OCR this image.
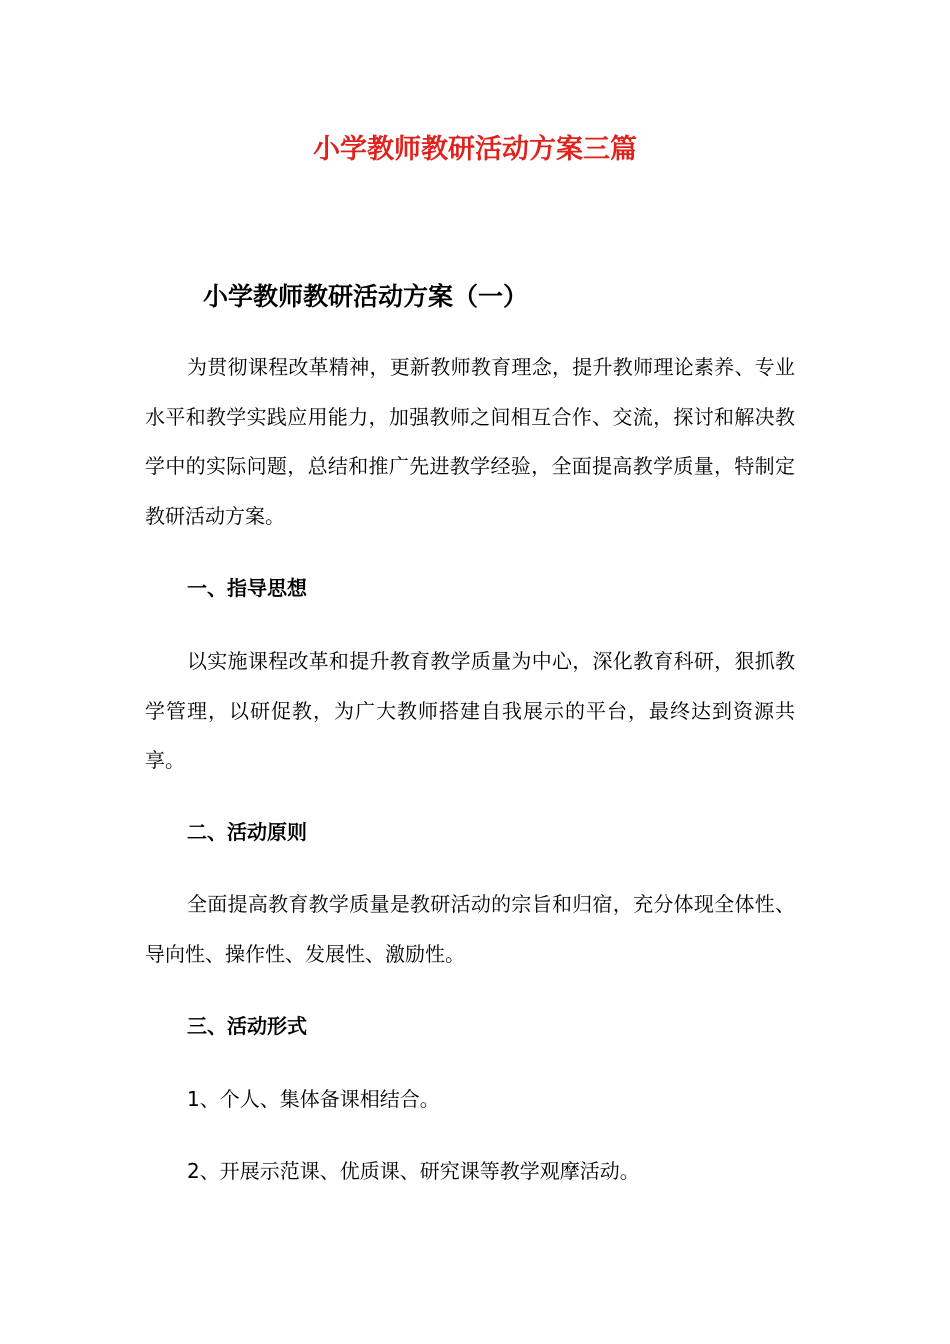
小学教师教研活动方案三篇
小学教师教研活动方案（一）

为贯彻课程改革精神，更新教师教育理念，提升教师理论素养、专业水平和教学实践应用能力，加强教师之间相互合作、交流，探讨和解决教学中的实际问题，总结和推广先进教学经验，全面提高教学质量，特制定教研活动方案。

一、指导思想

以实施课程改革和提升教育教学质量为中心，深化教育科研，狠抓教学管理，以研促教，为广大教师搭建自我展示的平台，最终达到资源共享。

二、活动原则

全面提高教育教学质量是教研活动的宗旨和归宿，充分体现全体性、导向性、操作性、发展性、激励性。

三、活动形式
1、个人、集体备课相结合。
2、开展示范课、优质课、研究课等教学观摩活动。
